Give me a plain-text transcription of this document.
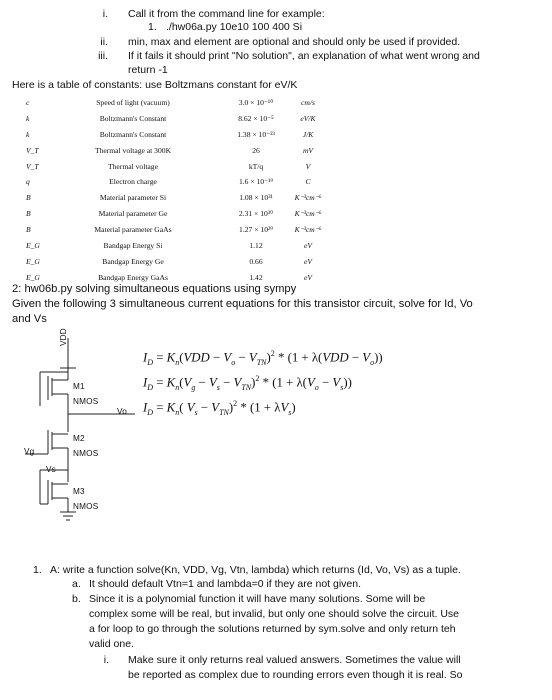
i. Call it from the command line for example:
1. ./hw06a.py 10e10 100 400 Si
ii. min, max and element are optional and should only be used if provided.
iii. If it fails it should print "No solution", an explanation of what went wrong and
return -1
Here is a table of constants: use Boltzmans constant for eV/K
c	Speed of light (vacuum)	3.0 × 10⁻¹⁰	cm/s
k	Boltzmann's Constant	8.62 × 10⁻⁵	eV/K
k	Boltzmann's Constant	1.38 × 10⁻²³	J/K
V_T	Thermal voltage at 300K	26	mV
V_T	Thermal voltage	kT/q	V
q	Electron charge	1.6 × 10⁻¹⁹	C
B	Material parameter Si	1.08 × 10³¹	K⁻³cm⁻⁶
B	Material parameter Ge	2.31 × 10³⁰	K⁻³cm⁻⁶
B	Material parameter GaAs	1.27 × 10²⁹	K⁻³cm⁻⁶
E_G	Bandgap Energy Si	1.12	eV
E_G	Bandgap Energy Ge	0.66	eV
E_G	Bandgap Energy GaAs	1.42	eV
2: hw06b.py solving simultaneous equations using sympy
Given the following 3 simultaneous current equations for this transistor circuit, solve for Id, Vo
and Vs
VDD
M1
NMOS
Vo
M2
NMOS
Vg
Vs
M3
NMOS
$I_D = K_n(VDD - V_o - V_{TN})^2 * (1 + \lambda(VDD - V_o))$
$I_D = K_n(V_g - V_s - V_{TN})^2 * (1 + \lambda(V_o - V_s))$
$I_D = K_n$( $V_s - V_{TN})^2 * (1 + \lambda V_s)$
1. A: write a function solve(Kn, VDD, Vg, Vtn, lambda) which returns (Id, Vo, Vs) as a tuple.
a. It should default Vtn=1 and lambda=0 if they are not given.
b. Since it is a polynomial function it will have many solutions. Some will be
complex some will be real, but invalid, but only one should solve the circuit. Use
a for loop to go through the solutions returned by sym.solve and only return teh
valid one.
i. Make sure it only returns real valued answers. Sometimes the value will
be reported as complex due to rounding errors even though it is real. So
